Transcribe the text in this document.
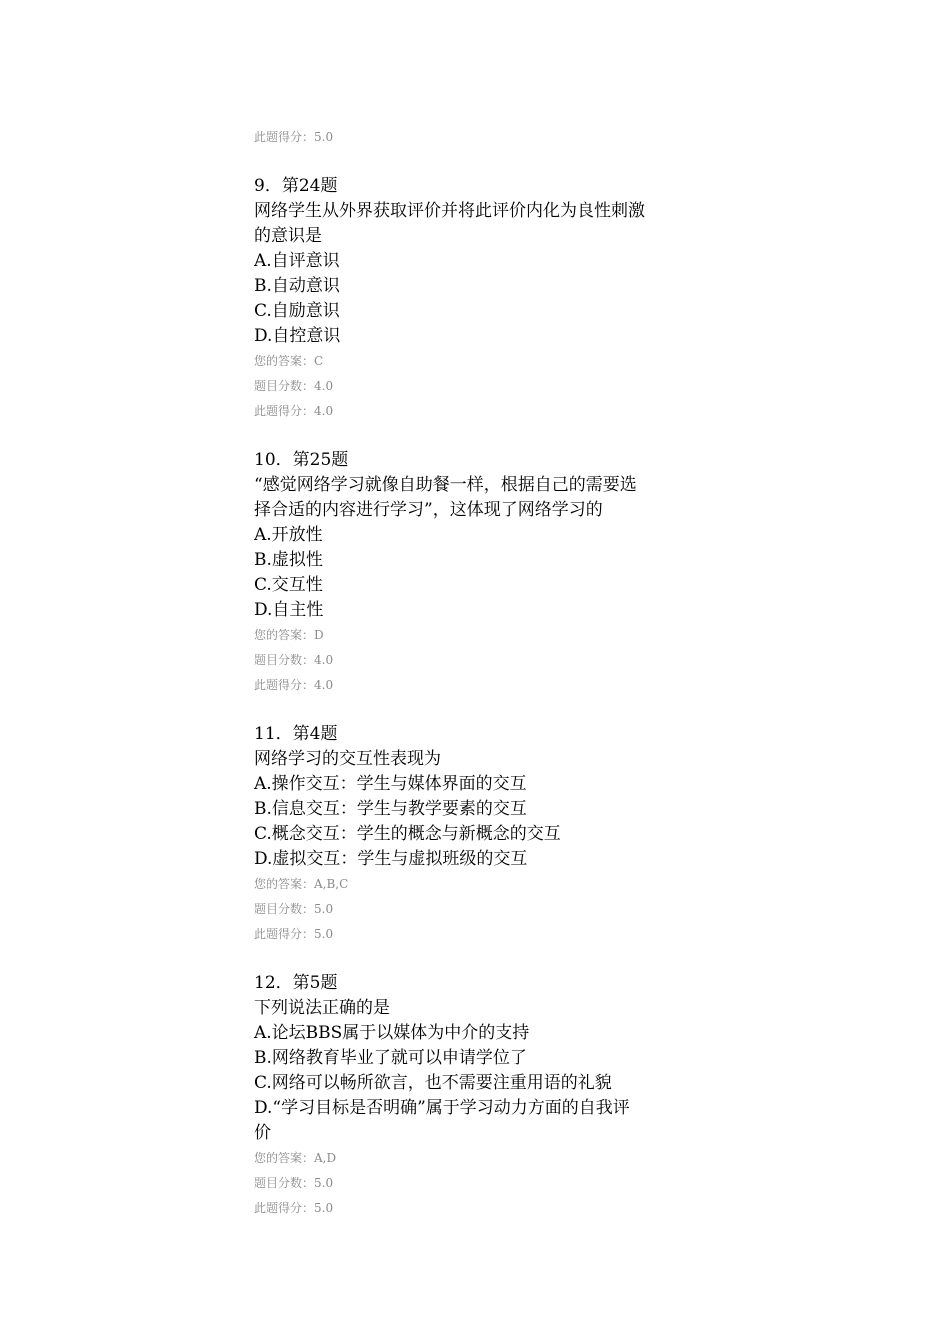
此题得分：5.0

9．第24题

网络学生从外界获取评价并将此评价内化为良性刺激

的意识是

A.自评意识

B.自动意识

C.自励意识

D.自控意识

您的答案：C

题目分数：4.0

此题得分：4.0

10．第25题

“感觉网络学习就像自助餐一样，根据自己的需要选

择合适的内容进行学习”，这体现了网络学习的

A.开放性

B.虚拟性

C.交互性

D.自主性

您的答案：D

题目分数：4.0

此题得分：4.0

11．第4题

网络学习的交互性表现为

A.操作交互：学生与媒体界面的交互

B.信息交互：学生与教学要素的交互

C.概念交互：学生的概念与新概念的交互

D.虚拟交互：学生与虚拟班级的交互

您的答案：A,B,C

题目分数：5.0

此题得分：5.0

12．第5题

下列说法正确的是

A.论坛BBS属于以媒体为中介的支持

B.网络教育毕业了就可以申请学位了

C.网络可以畅所欲言，也不需要注重用语的礼貌

D.“学习目标是否明确”属于学习动力方面的自我评

价

您的答案：A,D

题目分数：5.0

此题得分：5.0
